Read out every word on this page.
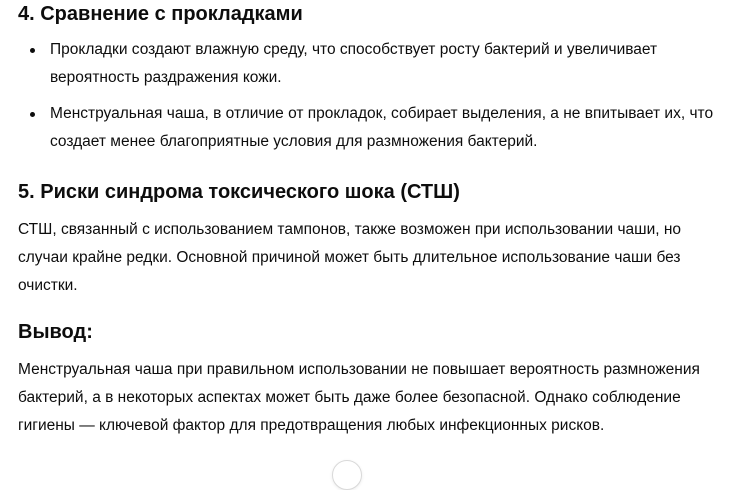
4. Сравнение с прокладками
Прокладки создают влажную среду, что способствует росту бактерий и увеличивает вероятность раздражения кожи.
Менструальная чаша, в отличие от прокладок, собирает выделения, а не впитывает их, что создает менее благоприятные условия для размножения бактерий.
5. Риски синдрома токсического шока (СТШ)

СТШ, связанный с использованием тампонов, также возможен при использовании чаши, но случаи крайне редки. Основной причиной может быть длительное использование чаши без очистки.

Вывод:

Менструальная чаша при правильном использовании не повышает вероятность размножения бактерий, а в некоторых аспектах может быть даже более безопасной. Однако соблюдение гигиены — ключевой фактор для предотвращения любых инфекционных рисков.
